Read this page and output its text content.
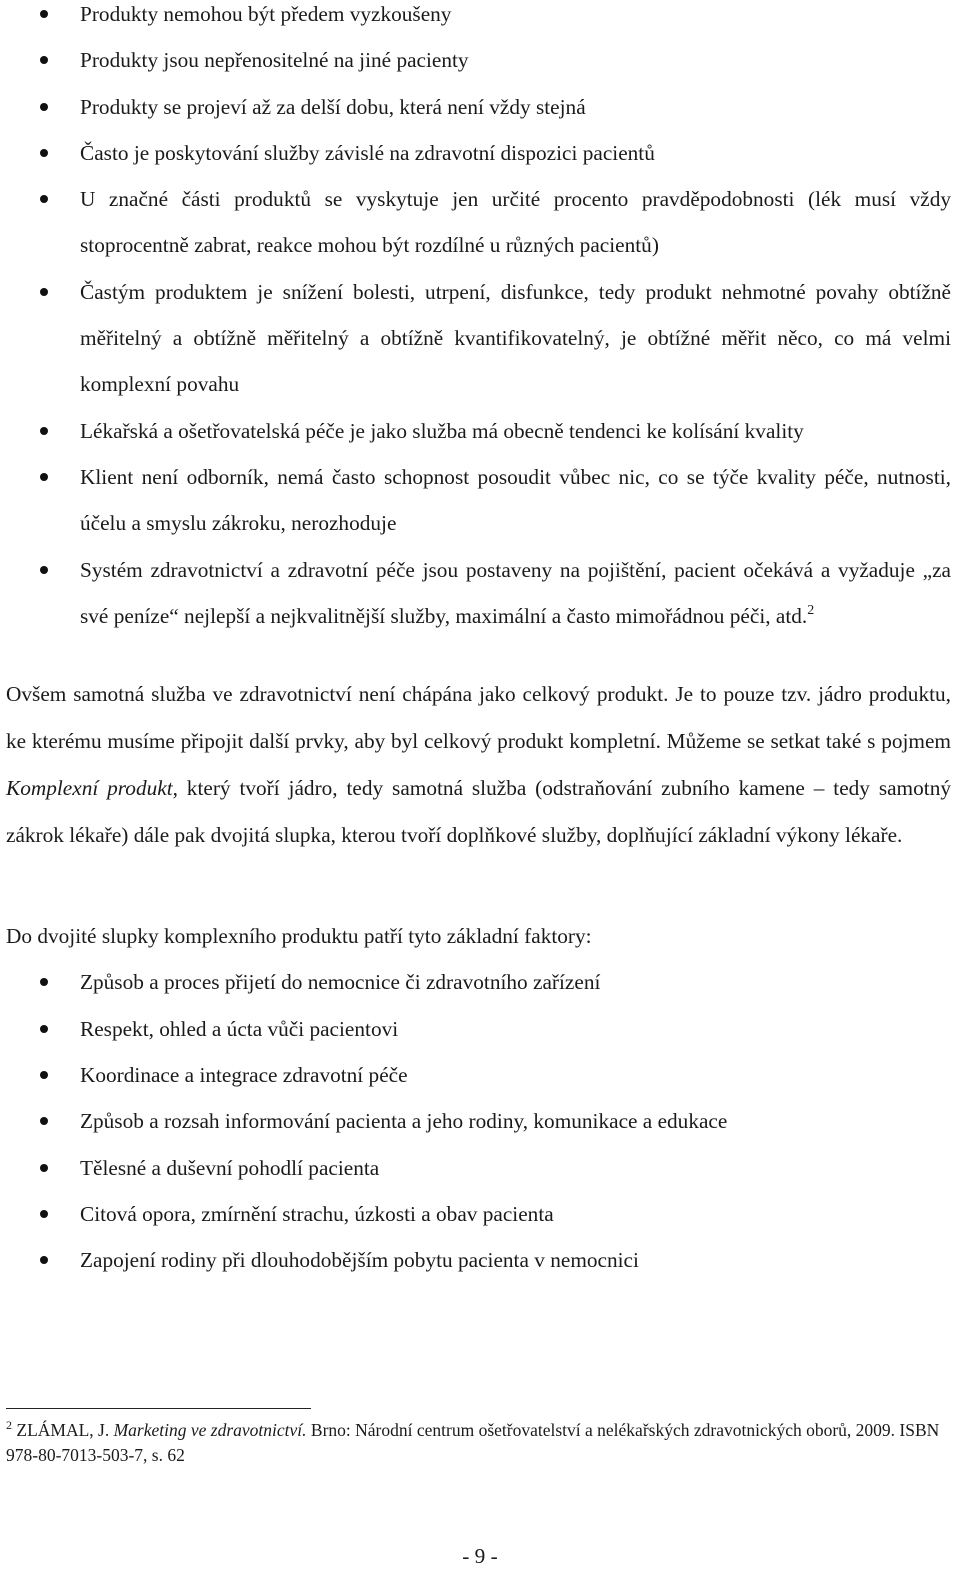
Produkty nemohou být předem vyzkoušeny
Produkty jsou nepřenositelné na jiné pacienty
Produkty se projeví až za delší dobu, která není vždy stejná
Často je poskytování služby závislé na zdravotní dispozici pacientů
U značné části produktů se vyskytuje jen určité procento pravděpodobnosti (lék musí vždy stoprocentně zabrat, reakce mohou být rozdílné u různých pacientů)
Častým produktem je snížení bolesti, utrpení, disfunkce, tedy produkt nehmotné povahy obtížně měřitelný a obtížně měřitelný a obtížně kvantifikovatelný, je obtížné měřit něco, co má velmi komplexní povahu
Lékařská a ošetřovatelská péče je jako služba má obecně tendenci ke kolísání kvality
Klient není odborník, nemá často schopnost posoudit vůbec nic, co se týče kvality péče, nutnosti, účelu a smyslu zákroku, nerozhoduje
Systém zdravotnictví a zdravotní péče jsou postaveny na pojištění, pacient očekává a vyžaduje „za své peníze“ nejlepší a nejkvalitnější služby, maximální a často mimořádnou péči, atd.$^2$

Ovšem samotná služba ve zdravotnictví není chápána jako celkový produkt. Je to pouze tzv. jádro produktu, ke kterému musíme připojit další prvky, aby byl celkový produkt kompletní. Můžeme se setkat také s pojmem Komplexní produkt, který tvoří jádro, tedy samotná služba (odstraňování zubního kamene – tedy samotný zákrok lékaře) dále pak dvojitá slupka, kterou tvoří doplňkové služby, doplňující základní výkony lékaře.

Do dvojité slupky komplexního produktu patří tyto základní faktory:

Způsob a proces přijetí do nemocnice či zdravotního zařízení
Respekt, ohled a úcta vůči pacientovi
Koordinace a integrace zdravotní péče
Způsob a rozsah informování pacienta a jeho rodiny, komunikace a edukace
Tělesné a duševní pohodlí pacienta
Citová opora, zmírnění strachu, úzkosti a obav pacienta
Zapojení rodiny při dlouhodobějším pobytu pacienta v nemocnici
$^2$ ZLÁMAL, J. Marketing ve zdravotnictví. Brno: Národní centrum ošetřovatelství a nelékařských zdravotnických oborů, 2009. ISBN 978-80-7013-503-7, s. 62
- 9 -
